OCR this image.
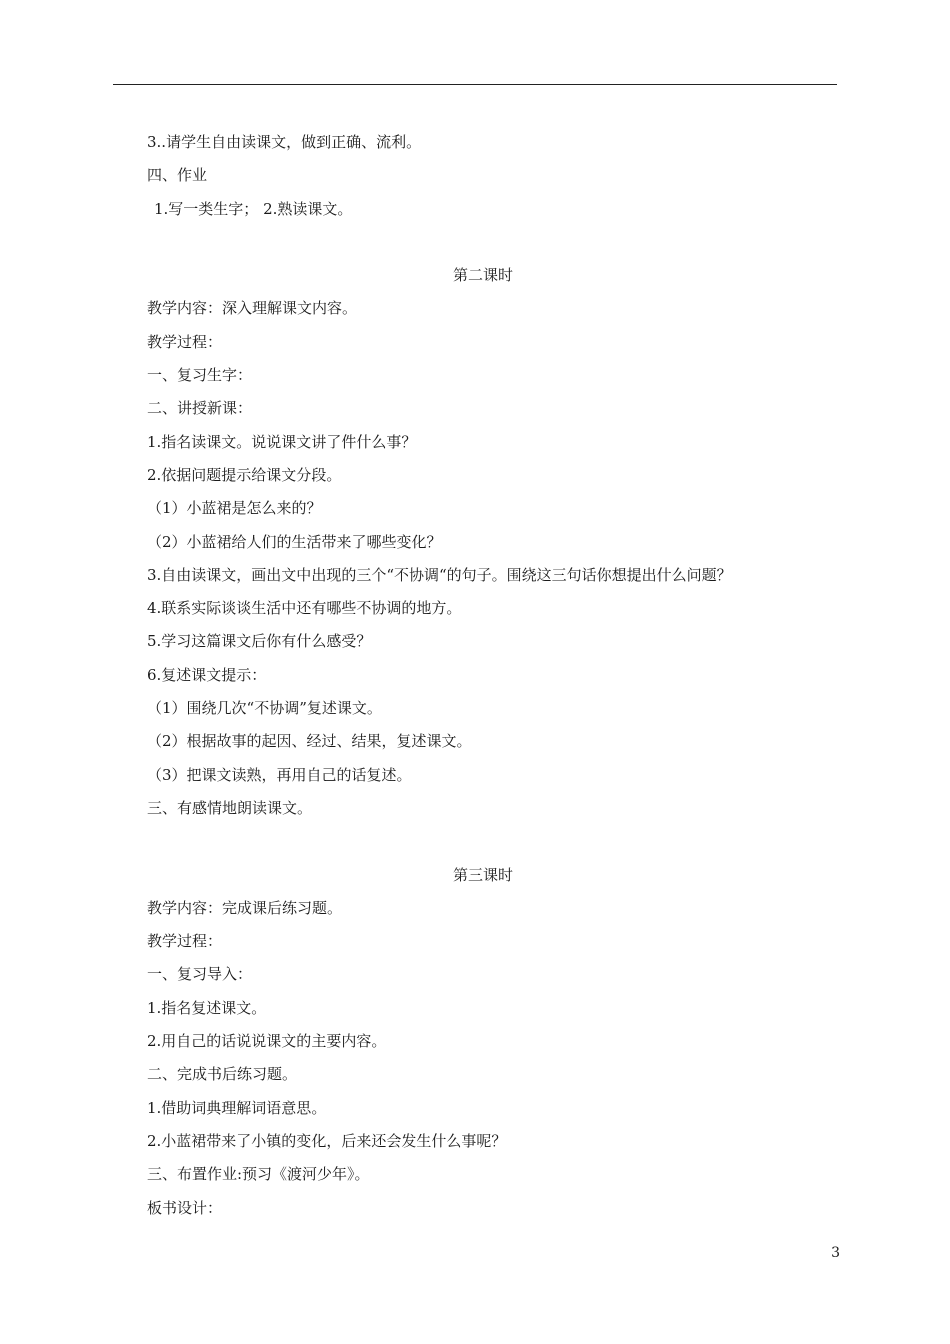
3..请学生自由读课文，做到正确、流利。
四、作业
1.写一类生字； 2.熟读课文。
第二课时
教学内容：深入理解课文内容。
教学过程：
一、复习生字：
二、讲授新课：
1.指名读课文。说说课文讲了件什么事？
2.依据问题提示给课文分段。
（1）小蓝裙是怎么来的？
（2）小蓝裙给人们的生活带来了哪些变化？
3.自由读课文，画出文中出现的三个“不协调“的句子。围绕这三句话你想提出什么问题？
4.联系实际谈谈生活中还有哪些不协调的地方。
5.学习这篇课文后你有什么感受？
6.复述课文提示：
（1）围绕几次“不协调”复述课文。
（2）根据故事的起因、经过、结果，复述课文。
（3）把课文读熟，再用自己的话复述。
三、有感情地朗读课文。
第三课时
教学内容：完成课后练习题。
教学过程：
一、复习导入：
1.指名复述课文。
2.用自己的话说说课文的主要内容。
二、完成书后练习题。
1.借助词典理解词语意思。
2.小蓝裙带来了小镇的变化，后来还会发生什么事呢？
三、布置作业:预习《渡河少年》。
板书设计：
3
